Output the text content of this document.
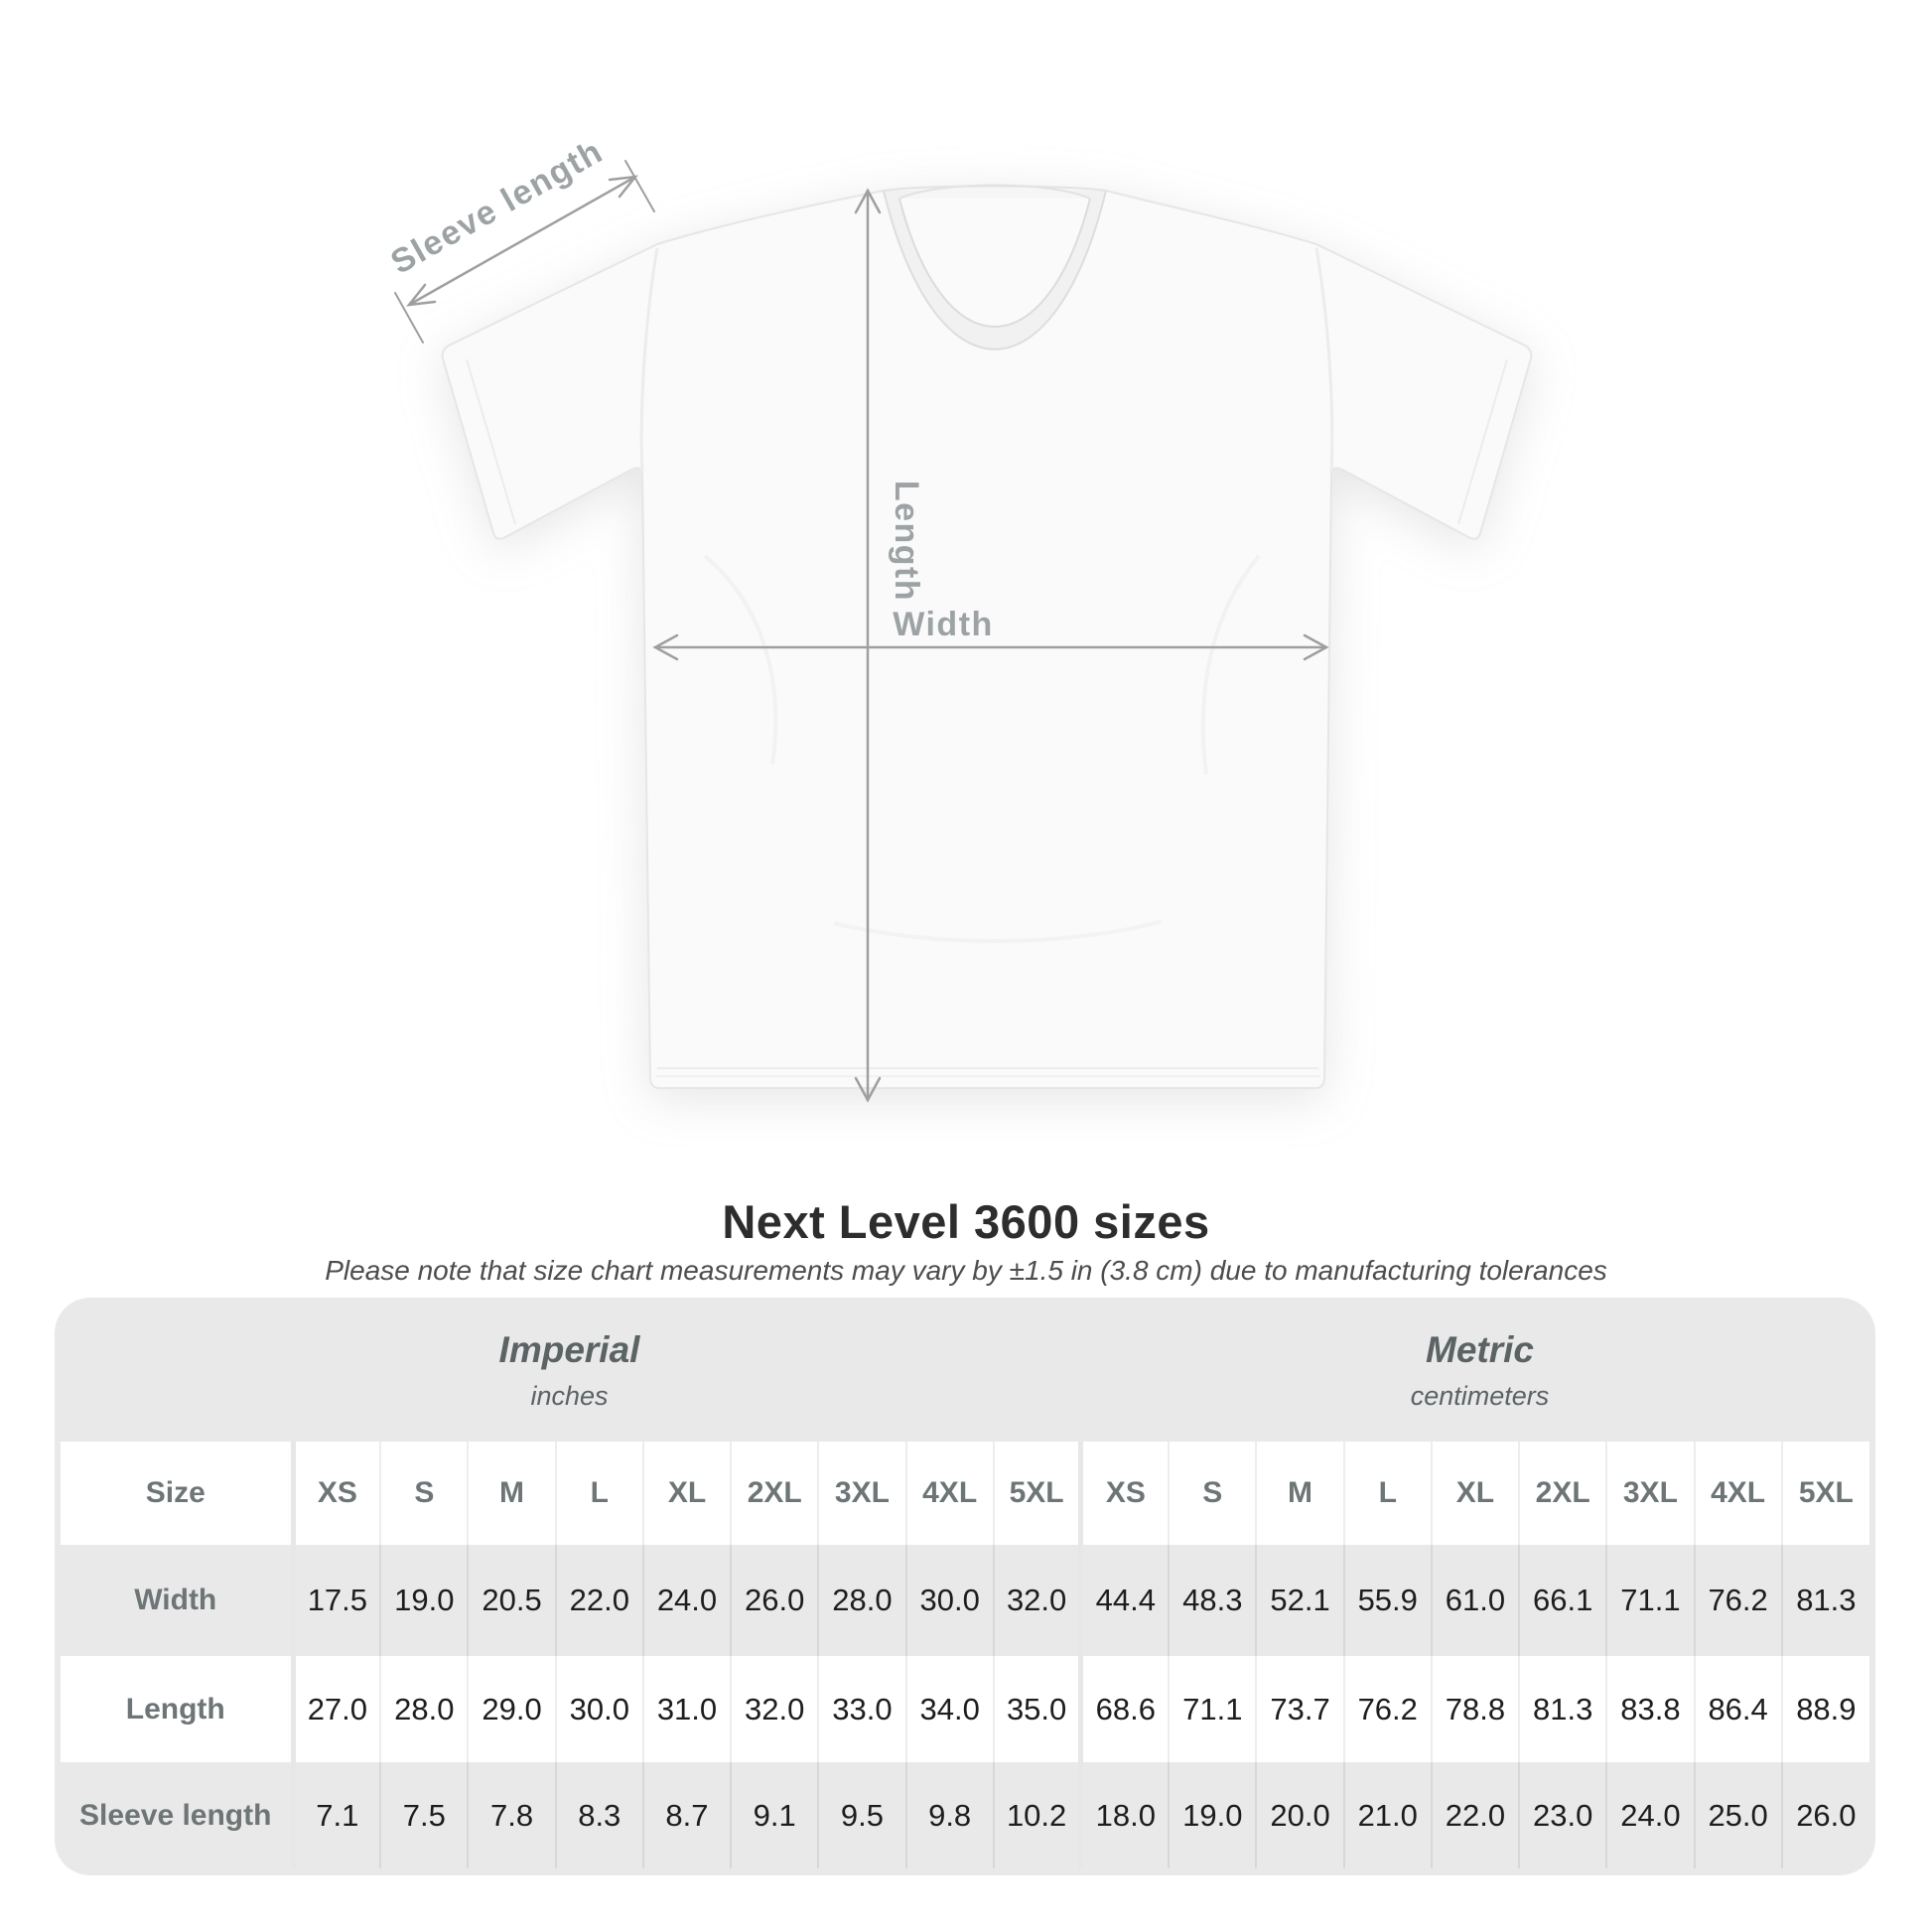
Sleeve length
Length
Width
Next Level 3600 sizes
Please note that size chart measurements may vary by ±1.5 in (3.8 cm) due to manufacturing tolerances
Imperial
inches
Metric
centimeters
Size	XS	S	M	L	XL	2XL	3XL	4XL	5XL	XS	S	M	L	XL	2XL	3XL	4XL	5XL
Width	17.5	19.0	20.5	22.0	24.0	26.0	28.0	30.0	32.0	44.4	48.3	52.1	55.9	61.0	66.1	71.1	76.2	81.3
Length	27.0	28.0	29.0	30.0	31.0	32.0	33.0	34.0	35.0	68.6	71.1	73.7	76.2	78.8	81.3	83.8	86.4	88.9
Sleeve length	7.1	7.5	7.8	8.3	8.7	9.1	9.5	9.8	10.2	18.0	19.0	20.0	21.0	22.0	23.0	24.0	25.0	26.0
